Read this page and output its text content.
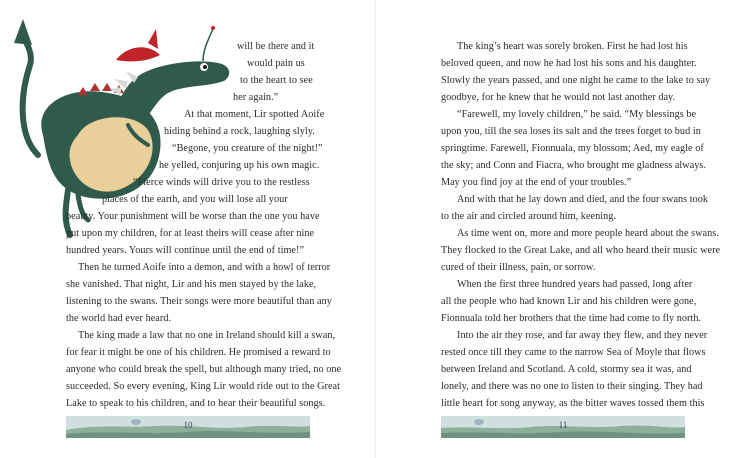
will be there and it
would pain us
to the heart to see
her again.”
At that moment, Lir spotted Aoife
hiding behind a rock, laughing slyly.
“Begone, you creature of the night!”
he yelled, conjuring up his own magic.
“Fierce winds will drive you to the restless
places of the earth, and you will lose all your
beauty. Your punishment will be worse than the one you have
put upon my children, for at least theirs will cease after nine
hundred years. Yours will continue until the end of time!”
Then he turned Aoife into a demon, and with a howl of terror
she vanished. That night, Lir and his men stayed by the lake,
listening to the swans. Their songs were more beautiful than any
the world had ever heard.
The king made a law that no one in Ireland should kill a swan,
for fear it might be one of his children. He promised a reward to
anyone who could break the spell, but although many tried, no one
succeeded. So every evening, King Lir would ride out to the Great
Lake to speak to his children, and to hear their beautiful songs.
10
The king’s heart was sorely broken. First he had lost his
beloved queen, and now he had lost his sons and his daughter.
Slowly the years passed, and one night he came to the lake to say
goodbye, for he knew that he would not last another day.
“Farewell, my lovely children,” he said. “My blessings be
upon you, till the sea loses its salt and the trees forget to bud in
springtime. Farewell, Fionnuala, my blossom; Aed, my eagle of
the sky; and Conn and Fiacra, who brought me gladness always.
May you find joy at the end of your troubles.”
And with that he lay down and died, and the four swans took
to the air and circled around him, keening.
As time went on, more and more people heard about the swans.
They flocked to the Great Lake, and all who heard their music were
cured of their illness, pain, or sorrow.
When the first three hundred years had passed, long after
all the people who had known Lir and his children were gone,
Fionnuala told her brothers that the time had come to fly north.
Into the air they rose, and far away they flew, and they never
rested once till they came to the narrow Sea of Moyle that flows
between Ireland and Scotland. A cold, stormy sea it was, and
lonely, and there was no one to listen to their singing. They had
little heart for song anyway, as the bitter waves tossed them this
11
